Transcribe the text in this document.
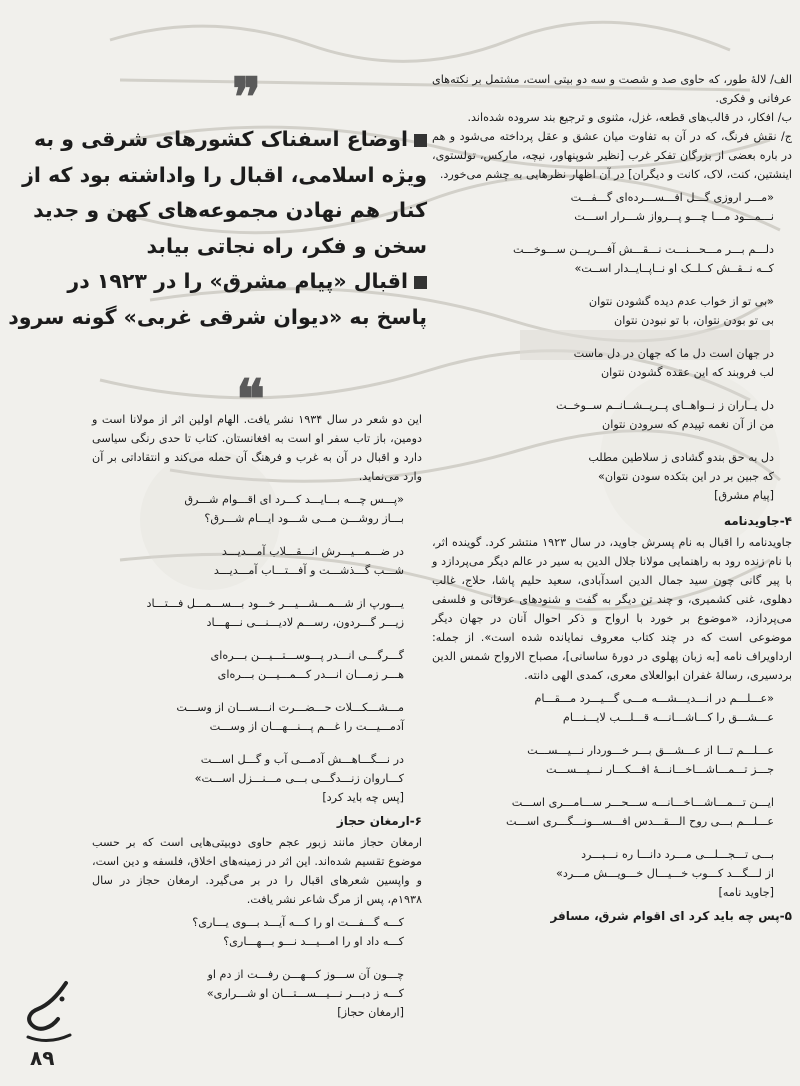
الف/ لالهٔ طور، که حاوی صد و شصت و سه دو بیتی است، مشتمل بر نکته‌های عرفانی و فکری.

ب/ افکار، در قالب‌های قطعه، غزل، مثنوی و ترجیع بند سروده شده‌اند.

ج/ نقش فرنگ، که در آن به تفاوت میان عشق و عقل پرداخته می‌شود و هم در باره بعضی از بزرگان تفکر غرب [نظیر شوپنهاور، نیچه، مارکس، تولستوی، اینشتین، کنت، لاک، کانت و دیگران] در آن اظهار نظرهایی به چشم می‌خورد.

«مـــر اروزی گـــل افـــســـرده‌ای گـــفـــت
نـــمـــود مـــا چـــو پـــرواز شـــرار اســـت
دلـــم بـــر مـــحـــنـــت نـــقـــش آفـــریـــن ســـوخـــت
کــه نــقــش کــلــک او نــاپــایــدار اســت»
«بی تو از خواب عدم دیده گشودن نتوان
بی تو بودن نتوان، با تو نبودن نتوان
در جهان است دل ما که جهان در دل ماست
لب فروبند که این عقده گشودن نتوان
دل یــاران ز نــواهــای پــریــشــانــم ســوخــت
من از آن نغمه تپیدم که سرودن نتوان
دل به حق بندو گشادی ز سلاطین مطلب
که جبین بر در این بتکده سودن نتوان»
[پیام مشرق]
۴-جاویدنامه

جاویدنامه را اقبال به نام پسرش جاوید، در سال ۱۹۲۳ منتشر کرد. گوینده اثر، با نام زنده رود به راهنمایی مولانا جلال الدین به سیر در عالم دیگر می‌پردازد و با پیر گانی چون سید جمال الدین اسدآبادی، سعید حلیم پاشا، حلاج، غالب دهلوی، غنی کشمیری، و چند تن دیگر به گفت و شنودهای عرفانی و فلسفی می‌پردازد، «موضوع بر خورد با ارواح و ذکر احوال آنان در جهان دیگر موضوعی است که در چند کتاب معروف نمایانده شده است». از جمله: ارداویراف نامه [به زبان پهلوی در دورهٔ ساسانی]، مصباح الارواح شمس الدین بردسیری، رسالهٔ غفران ابوالعلای معری، کمدی الهی دانته.

«عـــلـــم در انـــدیـــشـــه مـــی گـــیـــرد مـــقـــام
عـــشـــق را کـــاشـــانـــه قـــلـــب لایـــنـــام
عـــلـــم تـــا از عـــشـــق بـــر خـــوردار نـــیـــســـت
جـــز تـــمـــاشـــاخـــانـــهٔ افـــکـــار نـــیـــســـت
ایـــن تـــمـــاشـــاخـــانـــه ســـحـــر ســـامـــری اســـت
عـــلـــم بـــی روح الـــقـــدس افـــســـونـــگـــری اســـت
بـــی تـــجـــلـــی مـــرد دانـــا ره نـــبـــرد
از لـــگـــد کـــوب خـــیـــال خـــویـــش مـــرد»
[جاوید نامه]
۵-پس چه باید کرد ای اقوام شرق، مسافر
❞
اوضاع اسفناک کشورهای شرقی و به
ویژه اسلامی، اقبال را واداشته بود که از
کنار هم نهادن مجموعه‌های کهن و جدید
سخن و فکر، راه نجاتی بیابد
اقبال «پیام مشرق» را در ۱۹۲۳ در
پاسخ به «دیوان شرقی غربی» گونه سرود
❝

این دو شعر در سال ۱۹۳۴ نشر یافت. الهام اولین اثر از مولانا است و دومین، باز تاب سفر او است به افغانستان. کتاب تا حدی رنگی سیاسی دارد و اقبال در آن به غرب و فرهنگ آن حمله می‌کند و انتقاداتی بر آن وارد می‌نماید.

«پـــس چـــه بـــایـــد کـــرد ای اقـــوام شـــرق
بـــاز روشـــن مـــی شـــود ایـــام شـــرق؟
در ضـــمـــیـــرش انـــقـــلاب آمـــدیـــد
شـــب گـــذشـــت و آفـــتـــاب آمـــدیـــد
یـــورپ از شـــمـــشـــیـــر خـــود بـــســـمـــل فـــتـــاد
زیـــر گـــردون، رســـم لادیـــنـــی نـــهـــاد
گـــرگـــی انـــدر پـــوســـتـــیـــن بـــره‌ای
هـــر زمـــان انـــدر کـــمـــیـــن بـــره‌ای
مـــشـــکـــلات حـــضـــرت انـــســـان از وســـت
آدمـــیـــت را غـــم پـــنـــهـــان از وســـت
در نـــگـــاهـــش آدمـــی آب و گـــل اســـت
کـــاروان زنـــدگـــی بـــی مـــنـــزل اســـت»
[پس چه باید کرد]
۶-ارمغان حجاز

ارمغان حجاز مانند زبور عجم حاوی دوبیتی‌هایی است که بر حسب موضوع تقسیم شده‌اند. این اثر در زمینه‌های اخلاق، فلسفه و دین است، و واپسین شعرهای اقبال را در بر می‌گیرد. ارمغان حجاز در سال ۱۹۳۸م، پس از مرگ شاعر نشر یافت.

کـــه گـــفـــت او را کـــه آیـــد بـــوی یـــاری؟
کـــه داد او را امـــیـــد نـــو بـــهـــاری؟
چـــون آن ســـوز کـــهـــن رفـــت از دم او
کـــه ز دبـــر نـــیـــســـتـــان او شـــراری»
[ارمغان حجاز]
۸۹
